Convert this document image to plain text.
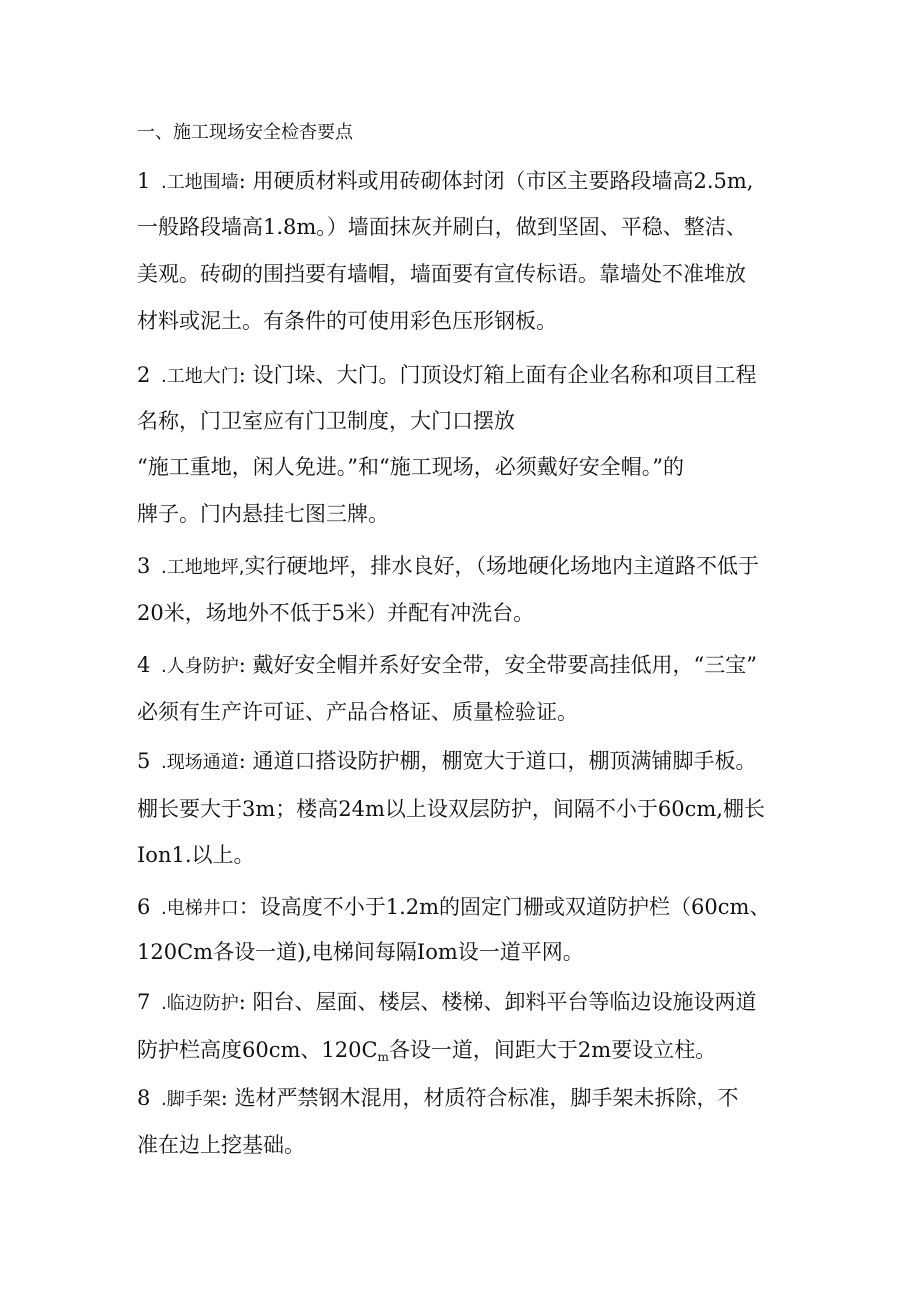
一、施工现场安全检杳要点
1 .工地围墙: 用硬质材料或用砖砌体封闭（市区主要路段墙高2.5m,
一般路段墙高1.8m。）墙面抹灰并刷白，做到坚固、平稳、整洁、
美观。砖砌的围挡要有墙帽，墙面要有宣传标语。靠墙处不准堆放
材料或泥土。有条件的可使用彩色压形钢板。
2 .工地大门: 设门垛、大门。门顶设灯箱上面有企业名称和项目工程
名称，门卫室应有门卫制度，大门口摆放
“施工重地，闲人免进。”和“施工现场，必须戴好安全帽。”的
牌子。门内悬挂七图三牌。
3 .工地地坪,实行硬地坪，排水良好，（场地硬化场地内主道路不低于
20米，场地外不低于5米）并配有冲洗台。
4 .人身防护: 戴好安全帽并系好安全带，安全带要高挂低用，“三宝”
必须有生产许可证、产品合格证、质量检验证。
5 .现场通道: 通道口搭设防护棚，棚宽大于道口，棚顶满铺脚手板。
棚长要大于3m；楼高24m以上设双层防护，间隔不小于60cm,棚长
Ion1.以上。
6 .电梯井口：设高度不小于1.2m的固定门栅或双道防护栏（60cm、
120Cm各设一道),电梯间每隔Iom设一道平网。
7 .临边防护: 阳台、屋面、楼层、楼梯、卸料平台等临边设施设两道
防护栏高度60cm、$120C_m$各设一道，间距大于2m要设立柱。
8 .脚手架: 选材严禁钢木混用，材质符合标准，脚手架未拆除，不
准在边上挖基础。
